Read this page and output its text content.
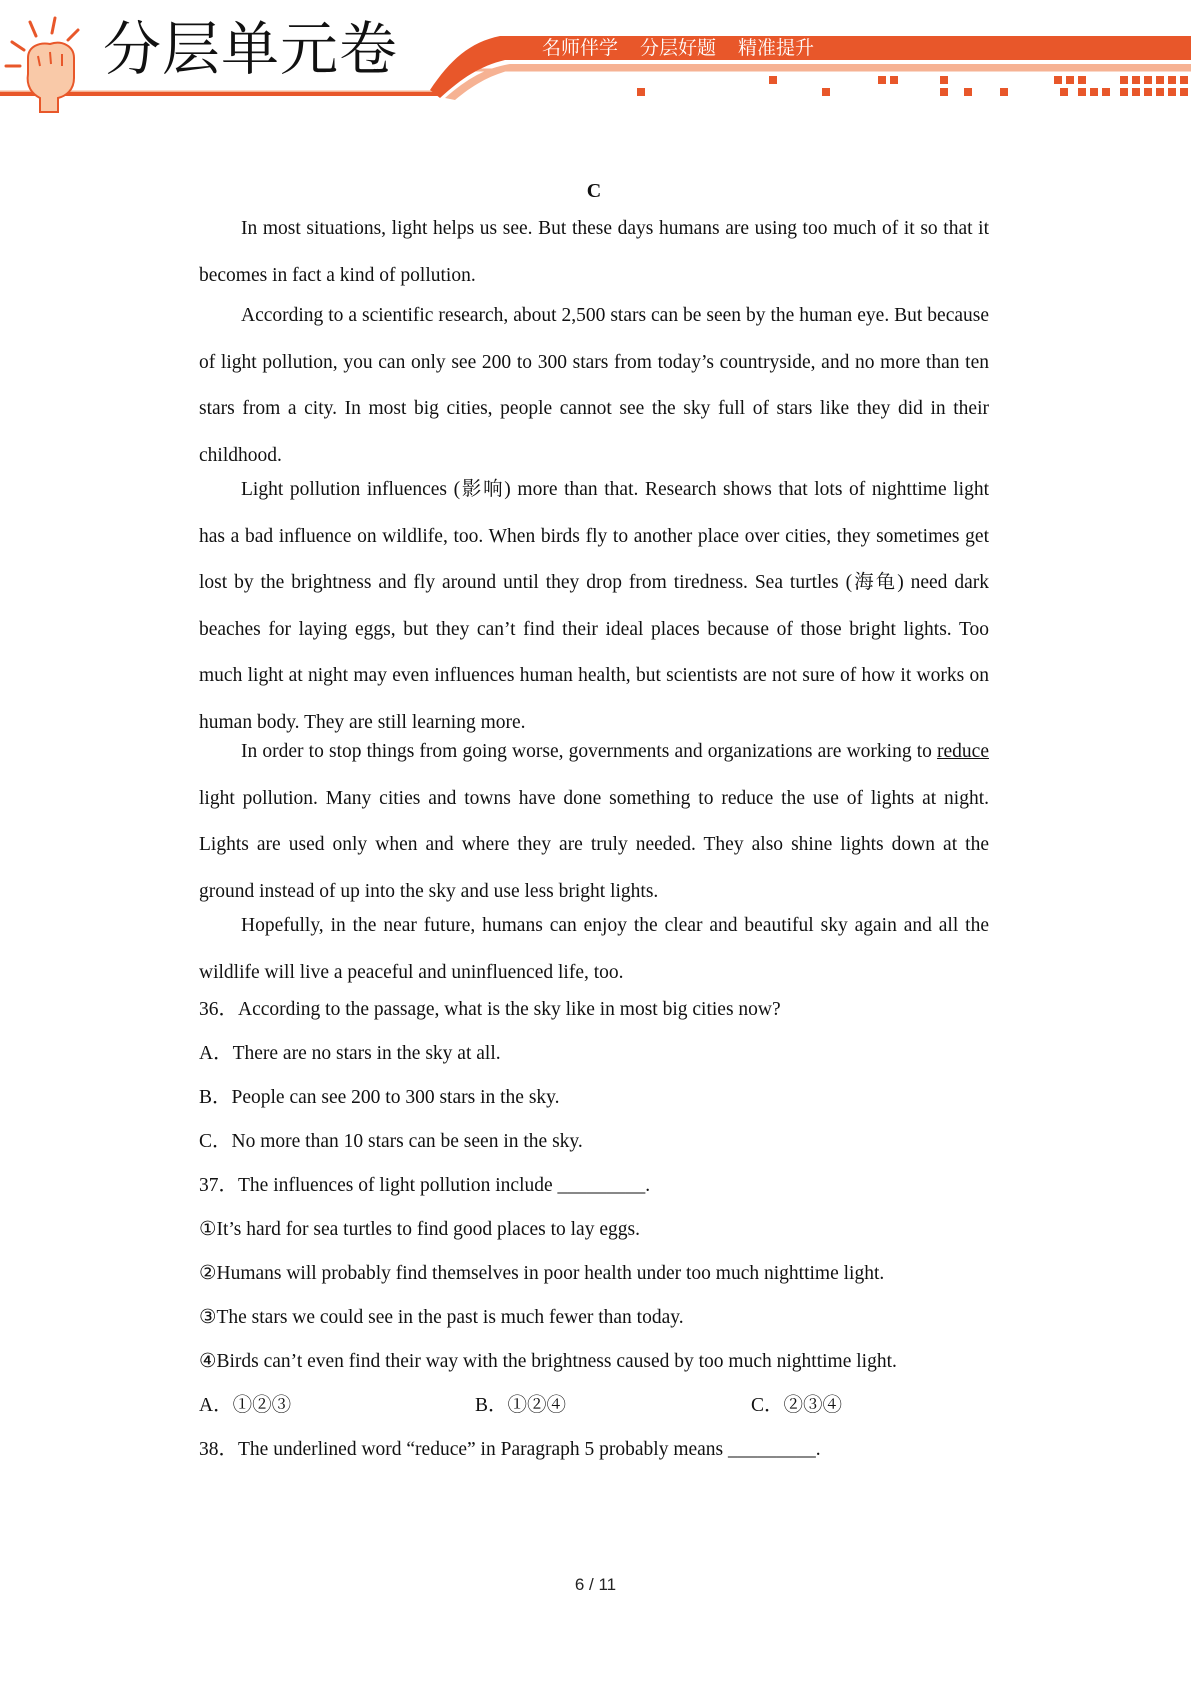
分层单元卷	名师伴学 分层好题 精准提升
C

In most situations, light helps us see. But these days humans are using too much of it so that it becomes in fact a kind of pollution.

According to a scientific research, about 2,500 stars can be seen by the human eye. But because of light pollution, you can only see 200 to 300 stars from today’s countryside, and no more than ten stars from a city. In most big cities, people cannot see the sky full of stars like they did in their childhood.

Light pollution influences (影响) more than that. Research shows that lots of nighttime light has a bad influence on wildlife, too. When birds fly to another place over cities, they sometimes get lost by the brightness and fly around until they drop from tiredness. Sea turtles (海龟) need dark beaches for laying eggs, but they can’t find their ideal places because of those bright lights. Too much light at night may even influences human health, but scientists are not sure of how it works on human body. They are still learning more.

In order to stop things from going worse, governments and organizations are working to reduce light pollution. Many cities and towns have done something to reduce the use of lights at night. Lights are used only when and where they are truly needed. They also shine lights down at the ground instead of up into the sky and use less bright lights.

Hopefully, in the near future, humans can enjoy the clear and beautiful sky again and all the wildlife will live a peaceful and uninfluenced life, too.

36．According to the passage, what is the sky like in most big cities now?
A．There are no stars in the sky at all.
B．People can see 200 to 300 stars in the sky.
C．No more than 10 stars can be seen in the sky.
37．The influences of light pollution include _________.
①It’s hard for sea turtles to find good places to lay eggs.
②Humans will probably find themselves in poor health under too much nighttime light.
③The stars we could see in the past is much fewer than today.
④Birds can’t even find their way with the brightness caused by too much nighttime light.
A．①②③	B．①②④	C．②③④
38．The underlined word “reduce” in Paragraph 5 probably means _________.
6 / 11
